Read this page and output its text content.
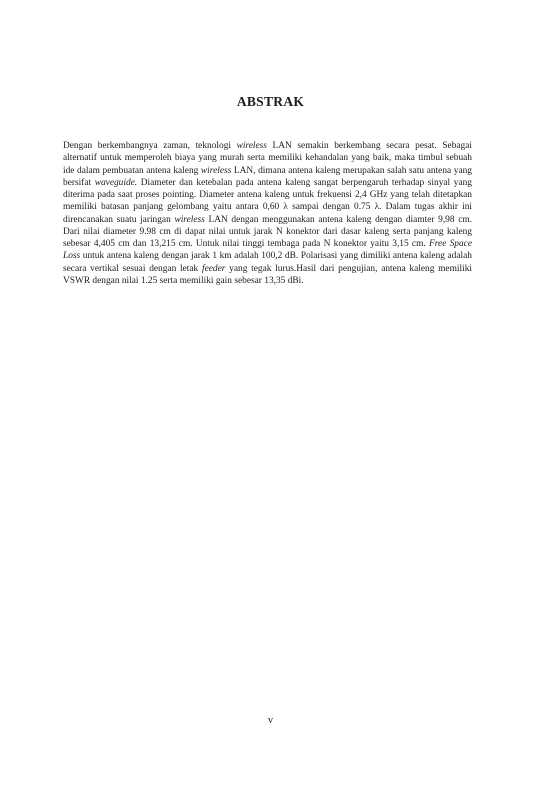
ABSTRAK

Dengan berkembangnya zaman, teknologi wireless LAN semakin berkembang secara pesat. Sebagai alternatif untuk memperoleh biaya yang murah serta memiliki kehandalan yang baik, maka timbul sebuah ide dalam pembuatan antena kaleng wireless LAN, dimana antena kaleng merupakan salah satu antena yang bersifat waveguide. Diameter dan ketebalan pada antena kaleng sangat berpengaruh terhadap sinyal yang diterima pada saat proses pointing. Diameter antena kaleng untuk frekuensi 2,4 GHz yang telah ditetapkan memiliki batasan panjang gelombang yaitu antara 0,60 λ sampai dengan 0.75 λ. Dalam tugas akhir ini direncanakan suatu jaringan wireless LAN dengan menggunakan antena kaleng dengan diamter 9,98 cm. Dari nilai diameter 9.98 cm di dapat nilai untuk jarak N konektor dari dasar kaleng serta panjang kaleng sebesar 4,405 cm dan 13,215 cm. Untuk nilai tinggi tembaga pada N konektor yaitu 3,15 cm. Free Space Loss untuk antena kaleng dengan jarak 1 km adalah 100,2 dB. Polarisasi yang dimiliki antena kaleng adalah secara vertikal sesuai dengan letak feeder yang tegak lurus.Hasil dari pengujian, antena kaleng memiliki VSWR dengan nilai 1.25 serta memiliki gain sebesar 13,35 dBi.

v
